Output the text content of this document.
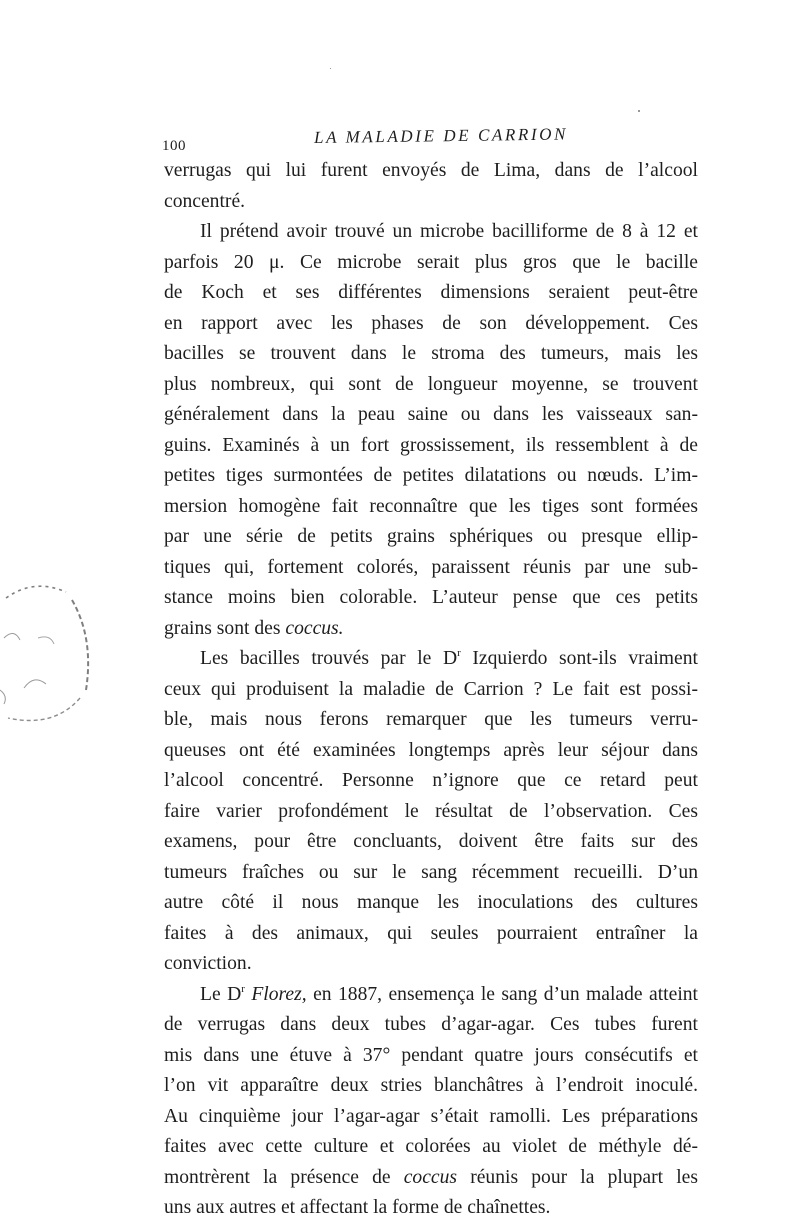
100	LA MALADIE DE CARRION
verrugas qui lui furent envoyés de Lima, dans de l’alcool
concentré.
Il prétend avoir trouvé un microbe bacilliforme de 8 à 12 et
parfois 20 μ. Ce microbe serait plus gros que le bacille
de Koch et ses différentes dimensions seraient peut-être
en rapport avec les phases de son développement. Ces
bacilles se trouvent dans le stroma des tumeurs, mais les
plus nombreux, qui sont de longueur moyenne, se trouvent
généralement dans la peau saine ou dans les vaisseaux san-
guins. Examinés à un fort grossissement, ils ressemblent à de
petites tiges surmontées de petites dilatations ou nœuds. L’im-
mersion homogène fait reconnaître que les tiges sont formées
par une série de petits grains sphériques ou presque ellip-
tiques qui, fortement colorés, paraissent réunis par une sub-
stance moins bien colorable. L’auteur pense que ces petits
grains sont des coccus.
Les bacilles trouvés par le $D^r$ Izquierdo sont-ils vraiment
ceux qui produisent la maladie de Carrion ? Le fait est possi-
ble, mais nous ferons remarquer que les tumeurs verru-
queuses ont été examinées longtemps après leur séjour dans
l’alcool concentré. Personne n’ignore que ce retard peut
faire varier profondément le résultat de l’observation. Ces
examens, pour être concluants, doivent être faits sur des
tumeurs fraîches ou sur le sang récemment recueilli. D’un
autre côté il nous manque les inoculations des cultures
faites à des animaux, qui seules pourraient entraîner la
conviction.
Le $D^r$ Florez, en 1887, ensemença le sang d’un malade atteint
de verrugas dans deux tubes d’agar-agar. Ces tubes furent
mis dans une étuve à 37° pendant quatre jours consécutifs et
l’on vit apparaître deux stries blanchâtres à l’endroit inoculé.
Au cinquième jour l’agar-agar s’était ramolli. Les préparations
faites avec cette culture et colorées au violet de méthyle dé-
montrèrent la présence de coccus réunis pour la plupart les
uns aux autres et affectant la forme de chaînettes.
